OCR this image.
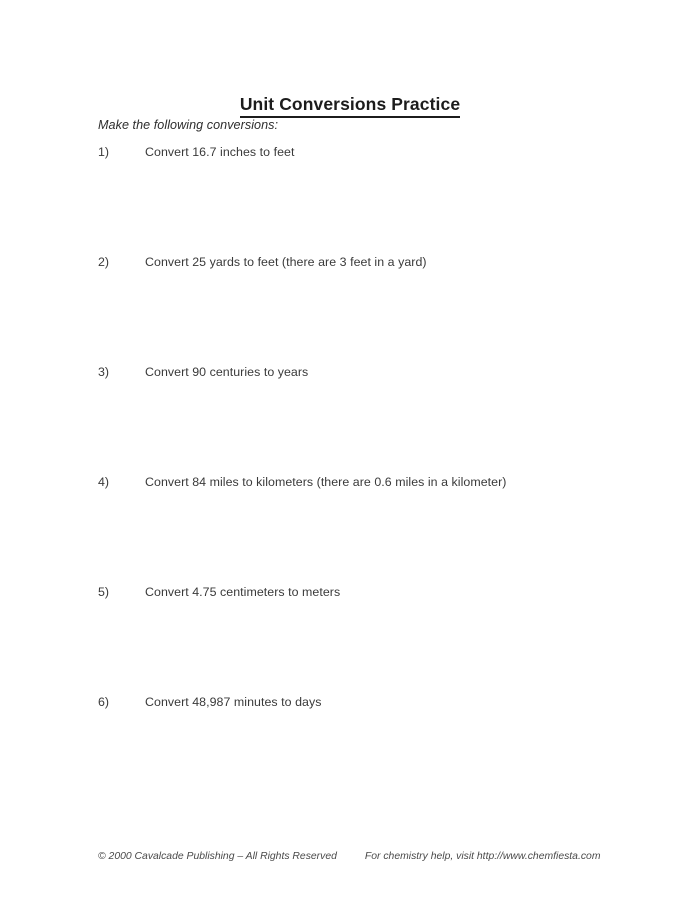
Unit Conversions Practice
Make the following conversions:
1)	Convert 16.7 inches to feet
2)	Convert 25 yards to feet (there are 3 feet in a yard)
3)	Convert 90 centuries to years
4)	Convert 84 miles to kilometers (there are 0.6 miles in a kilometer)
5)	Convert 4.75 centimeters to meters
6)	Convert 48,987 minutes to days
© 2000 Cavalcade Publishing – All Rights Reserved	For chemistry help, visit http://www.chemfiesta.com
